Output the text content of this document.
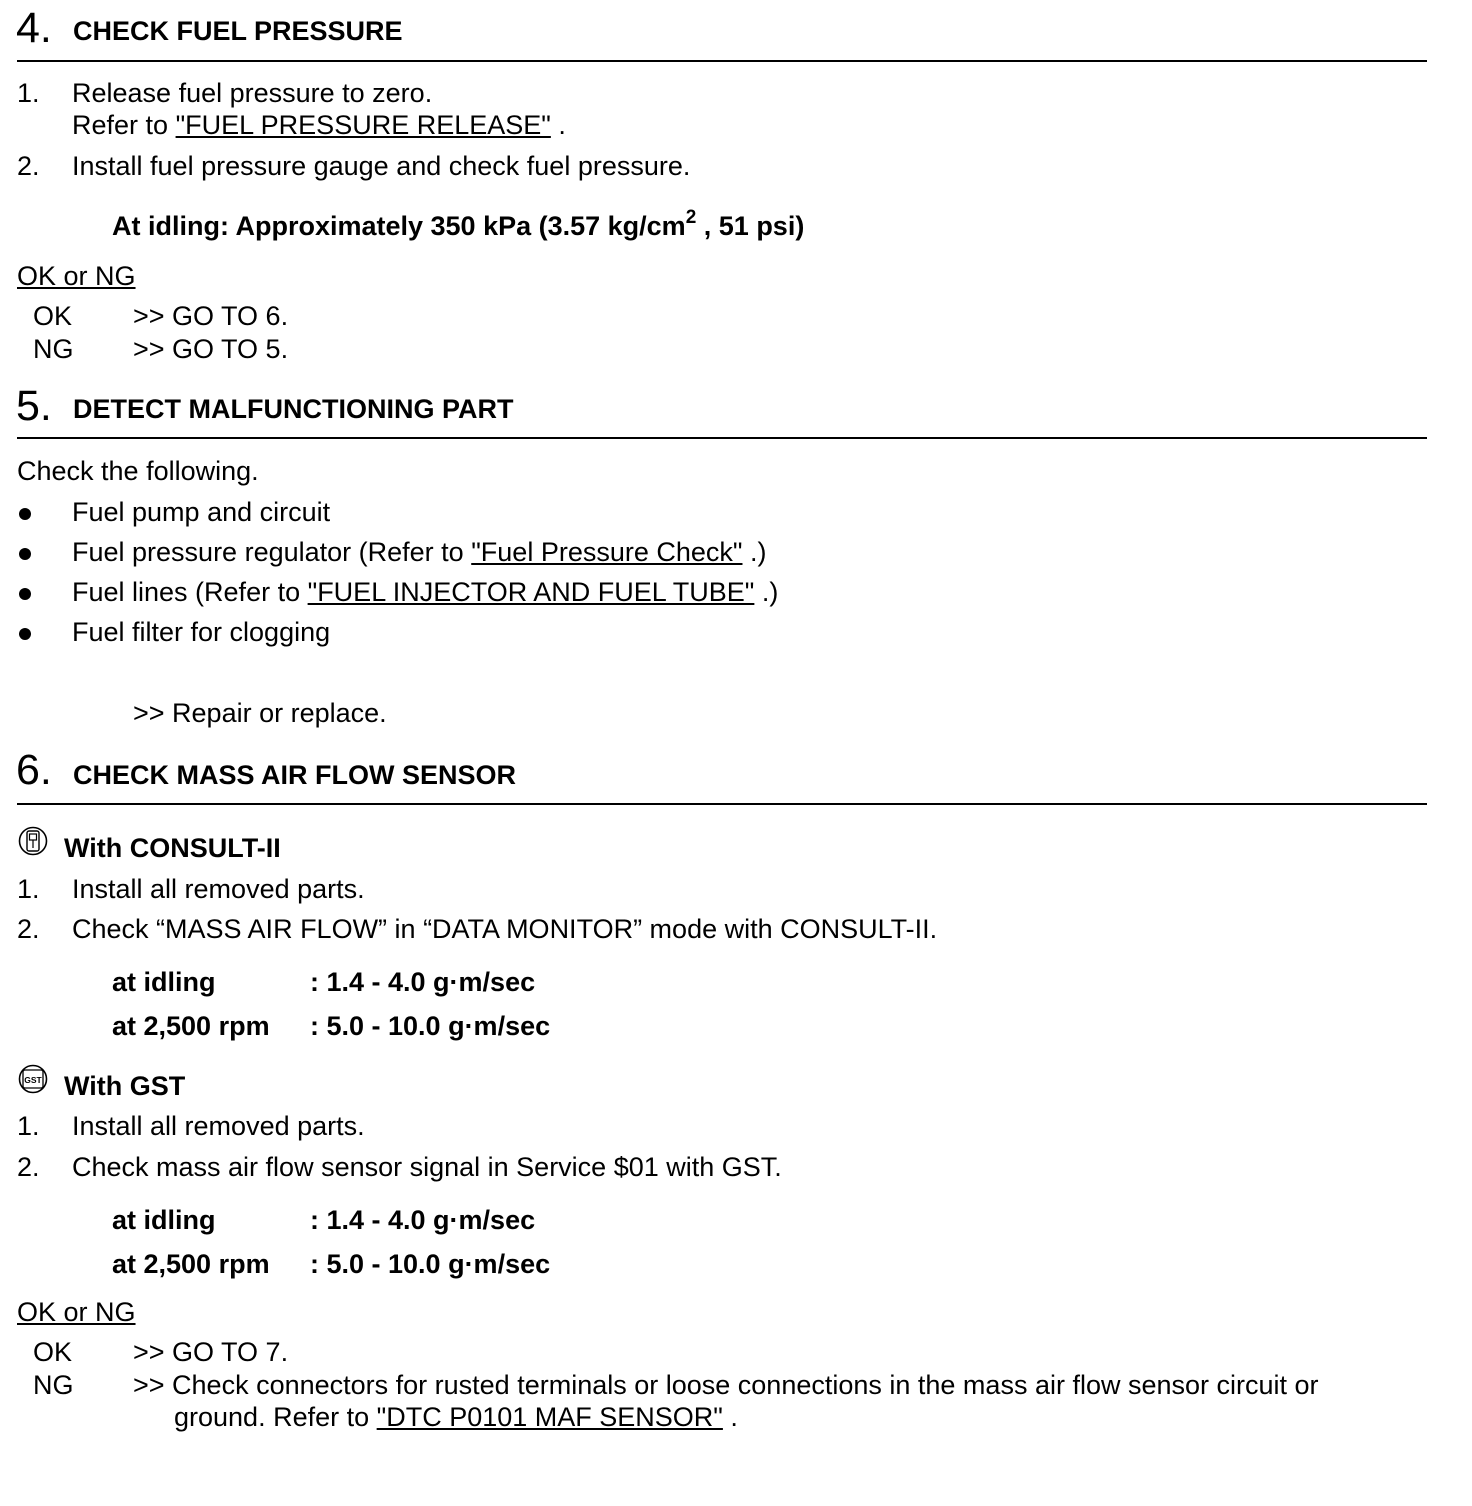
4. CHECK FUEL PRESSURE
1. Release fuel pressure to zero.
Refer to "FUEL PRESSURE RELEASE" .
2. Install fuel pressure gauge and check fuel pressure.
At idling: Approximately 350 kPa (3.57 $kg/cm^2$ , 51 psi)
OK or NG
OK >> GO TO 6.
NG >> GO TO 5.
5. DETECT MALFUNCTIONING PART
Check the following.
Fuel pump and circuit
Fuel pressure regulator (Refer to "Fuel Pressure Check" .)
Fuel lines (Refer to "FUEL INJECTOR AND FUEL TUBE" .)
Fuel filter for clogging
>> Repair or replace.
6. CHECK MASS AIR FLOW SENSOR
With CONSULT-II
1. Install all removed parts.
2. Check “MASS AIR FLOW” in “DATA MONITOR” mode with CONSULT-II.
at idling	: 1.4 - 4.0 g·m/sec
at 2,500 rpm : 5.0 - 10.0 g·m/sec
GST With GST
1. Install all removed parts.
2. Check mass air flow sensor signal in Service $01 with GST.
at idling	: 1.4 - 4.0 g·m/sec
at 2,500 rpm : 5.0 - 10.0 g·m/sec
OK or NG
OK >> GO TO 7.
NG >> Check connectors for rusted terminals or loose connections in the mass air flow sensor circuit or
ground. Refer to "DTC P0101 MAF SENSOR" .
